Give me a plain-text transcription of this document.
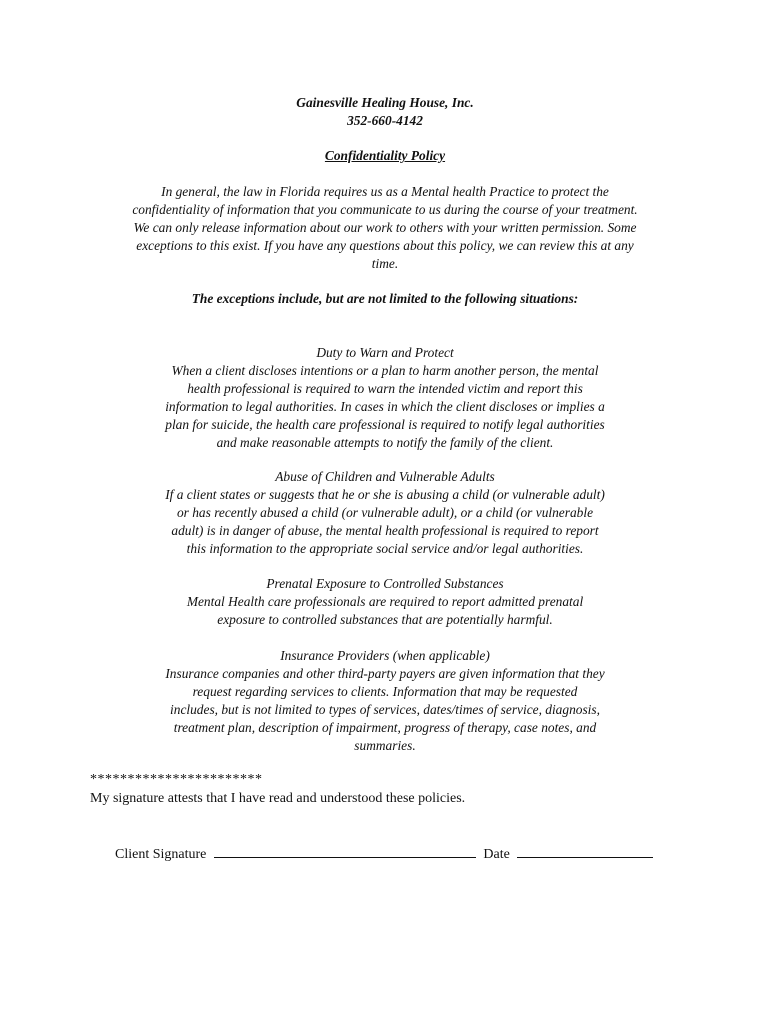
Gainesville Healing House, Inc.
352-660-4142
Confidentiality Policy
In general, the law in Florida requires us as a Mental health Practice to protect the
confidentiality of information that you communicate to us during the course of your treatment.
We can only release information about our work to others with your written permission. Some
exceptions to this exist. If you have any questions about this policy, we can review this at any
time.
The exceptions include, but are not limited to the following situations:
Duty to Warn and Protect
When a client discloses intentions or a plan to harm another person, the mental
health professional is required to warn the intended victim and report this
information to legal authorities. In cases in which the client discloses or implies a
plan for suicide, the health care professional is required to notify legal authorities
and make reasonable attempts to notify the family of the client.
Abuse of Children and Vulnerable Adults
If a client states or suggests that he or she is abusing a child (or vulnerable adult)
or has recently abused a child (or vulnerable adult), or a child (or vulnerable
adult) is in danger of abuse, the mental health professional is required to report
this information to the appropriate social service and/or legal authorities.
Prenatal Exposure to Controlled Substances
Mental Health care professionals are required to report admitted prenatal
exposure to controlled substances that are potentially harmful.
Insurance Providers (when applicable)
Insurance companies and other third-party payers are given information that they
request regarding services to clients. Information that may be requested
includes, but is not limited to types of services, dates/times of service, diagnosis,
treatment plan, description of impairment, progress of therapy, case notes, and
summaries.
***********************
My signature attests that I have read and understood these policies.
Client Signature	Date
